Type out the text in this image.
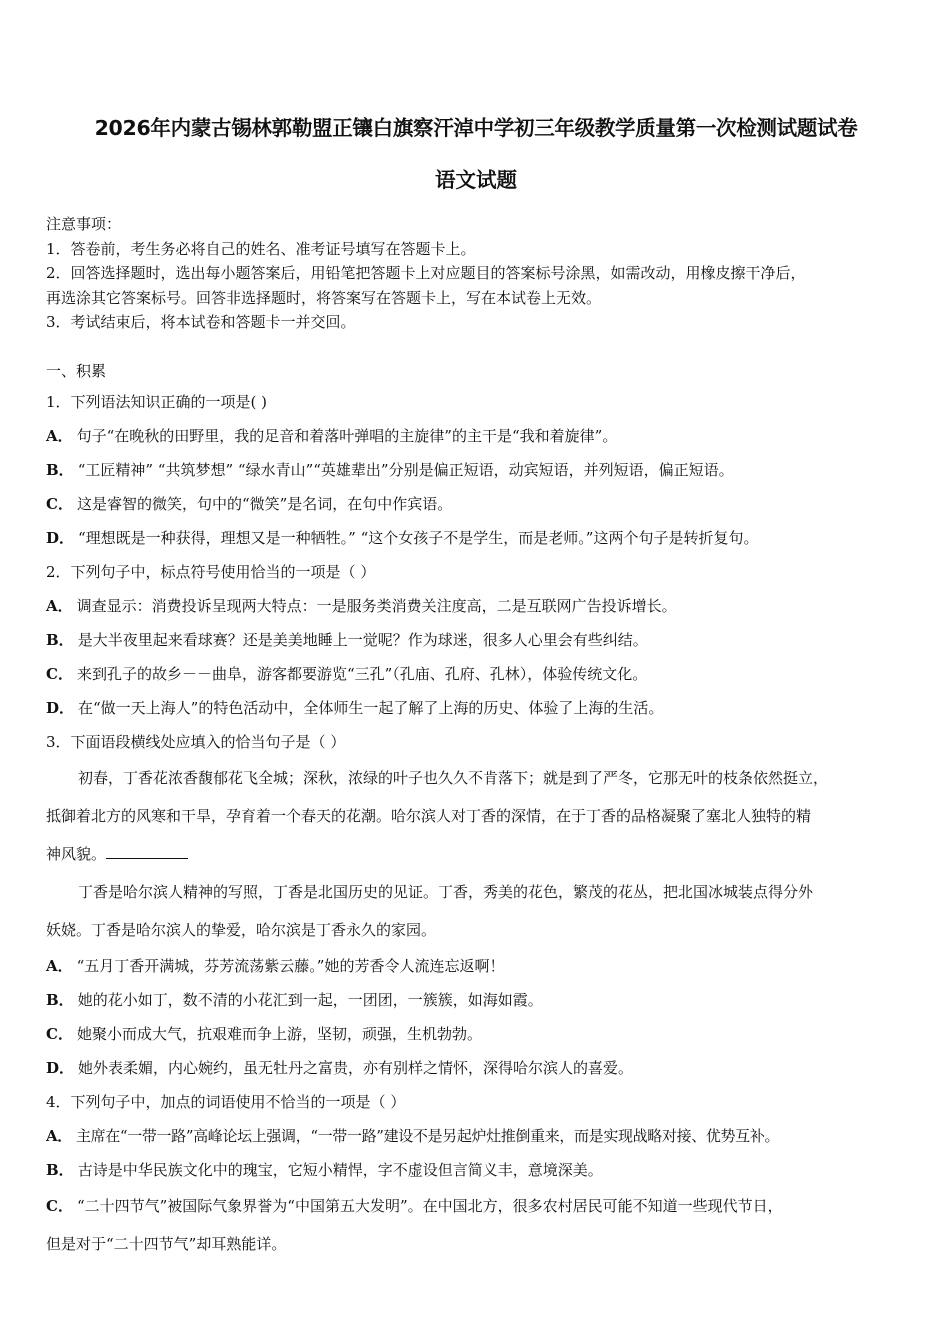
2026年内蒙古锡林郭勒盟正镶白旗察汗淖中学初三年级教学质量第一次检测试题试卷
语文试题
注意事项：
1．答卷前，考生务必将自己的姓名、准考证号填写在答题卡上。
2．回答选择题时，选出每小题答案后，用铅笔把答题卡上对应题目的答案标号涂黑，如需改动，用橡皮擦干净后，
再选涂其它答案标号。回答非选择题时，将答案写在答题卡上，写在本试卷上无效。
3．考试结束后，将本试卷和答题卡一并交回。
一、积累
1．下列语法知识正确的一项是( )
A． 句子“在晚秋的田野里，我的足音和着落叶弹唱的主旋律”的主干是“我和着旋律”。
B． “工匠精神” “共筑梦想” “绿水青山”“英雄辈出”分别是偏正短语，动宾短语，并列短语，偏正短语。
C． 这是睿智的微笑，句中的“微笑”是名词，在句中作宾语。
D． “理想既是一种获得，理想又是一种牺牲。” “这个女孩子不是学生，而是老师。”这两个句子是转折复句。
2．下列句子中，标点符号使用恰当的一项是（ ）
A． 调查显示：消费投诉呈现两大特点：一是服务类消费关注度高，二是互联网广告投诉增长。
B． 是大半夜里起来看球赛？还是美美地睡上一觉呢？作为球迷，很多人心里会有些纠结。
C． 来到孔子的故乡－－曲阜，游客都要游览“三孔”（孔庙、孔府、孔林），体验传统文化。
D． 在“做一天上海人”的特色活动中，全体师生一起了解了上海的历史、体验了上海的生活。
3．下面语段横线处应填入的恰当句子是（ ）
初春，丁香花浓香馥郁花飞全城；深秋，浓绿的叶子也久久不肯落下；就是到了严冬，它那无叶的枝条依然挺立，
抵御着北方的风寒和干旱，孕育着一个春天的花潮。哈尔滨人对丁香的深情，在于丁香的品格凝聚了塞北人独特的精
神风貌。
丁香是哈尔滨人精神的写照，丁香是北国历史的见证。丁香，秀美的花色，繁茂的花丛，把北国冰城装点得分外
妖娆。丁香是哈尔滨人的挚爱，哈尔滨是丁香永久的家园。
A． “五月丁香开满城，芬芳流荡紫云藤。”她的芳香令人流连忘返啊！
B． 她的花小如丁，数不清的小花汇到一起，一团团，一簇簇，如海如霞。
C． 她聚小而成大气，抗艰难而争上游，坚韧，顽强，生机勃勃。
D． 她外表柔媚，内心婉约，虽无牡丹之富贵，亦有别样之情怀，深得哈尔滨人的喜爱。
4．下列句子中，加点的词语使用不恰当的一项是（ ）
A． 主席在“一带一路”高峰论坛上强调，“一带一路”建设不是另起炉灶推倒重来，而是实现战略对接、优势互补。
B． 古诗是中华民族文化中的瑰宝，它短小精悍，字不虚设但言简义丰，意境深美。
C． “二十四节气”被国际气象界誉为“中国第五大发明”。在中国北方，很多农村居民可能不知道一些现代节日，
但是对于“二十四节气”却耳熟能详。
